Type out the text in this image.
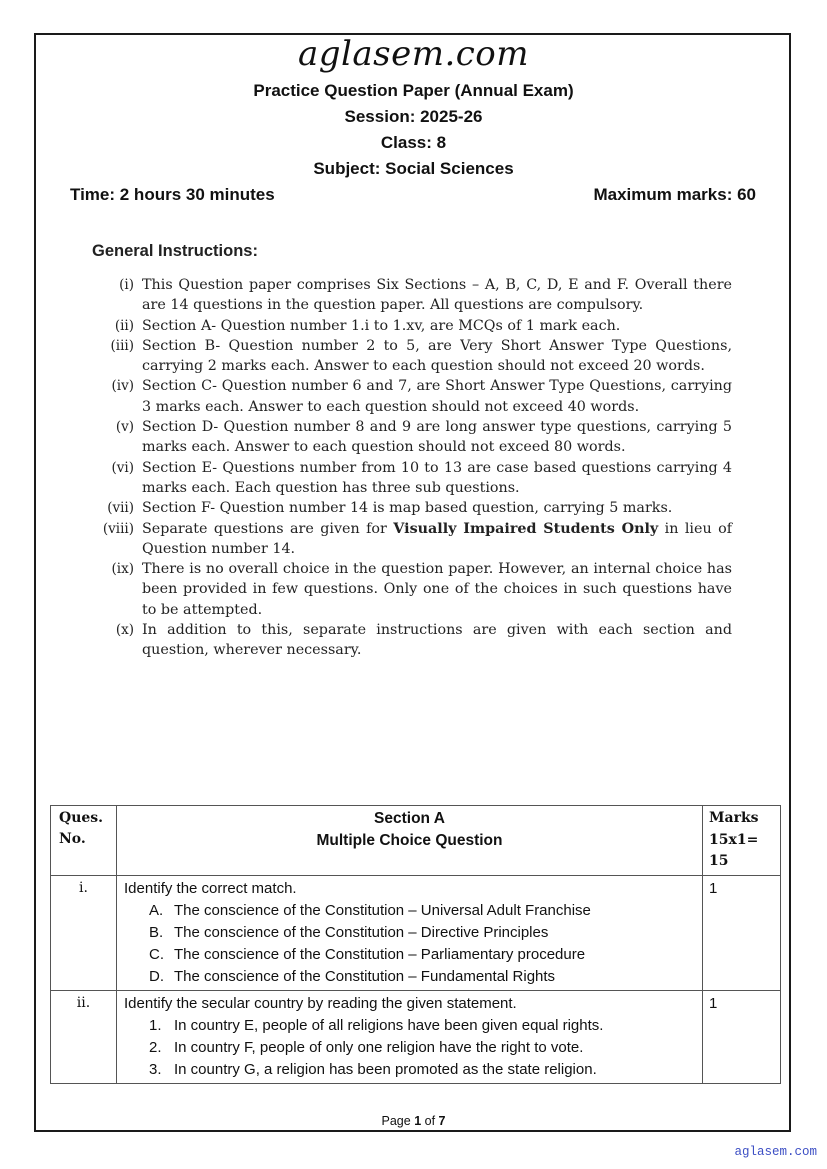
aglasem.com
Practice Question Paper (Annual Exam)
Session: 2025-26
Class: 8
Subject: Social Sciences
Time: 2 hours 30 minutes	Maximum marks: 60
General Instructions:
(i) This Question paper comprises Six Sections – A, B, C, D, E and F. Overall there are 14 questions in the question paper. All questions are compulsory.
(ii) Section A- Question number 1.i to 1.xv, are MCQs of 1 mark each.
(iii) Section B- Question number 2 to 5, are Very Short Answer Type Questions, carrying 2 marks each. Answer to each question should not exceed 20 words.
(iv) Section C- Question number 6 and 7, are Short Answer Type Questions, carrying 3 marks each. Answer to each question should not exceed 40 words.
(v) Section D- Question number 8 and 9 are long answer type questions, carrying 5 marks each. Answer to each question should not exceed 80 words.
(vi) Section E- Questions number from 10 to 13 are case based questions carrying 4 marks each. Each question has three sub questions.
(vii) Section F- Question number 14 is map based question, carrying 5 marks.
(viii) Separate questions are given for Visually Impaired Students Only in lieu of Question number 14.
(ix) There is no overall choice in the question paper. However, an internal choice has been provided in few questions. Only one of the choices in such questions have to be attempted.
(x) In addition to this, separate instructions are given with each section and question, wherever necessary.
Ques.
No.

Section A
Multiple Choice Question

Marks
15x1=
15

i.	Identify the correct match.
A. The conscience of the Constitution – Universal Adult Franchise
B. The conscience of the Constitution – Directive Principles
C. The conscience of the Constitution – Parliamentary procedure
D. The conscience of the Constitution – Fundamental Rights
	1
ii.	Identify the secular country by reading the given statement.
1. In country E, people of all religions have been given equal rights.
2. In country F, people of only one religion have the right to vote.
3. In country G, a religion has been promoted as the state religion.
	1
Page 1 of 7
aglasem.com
